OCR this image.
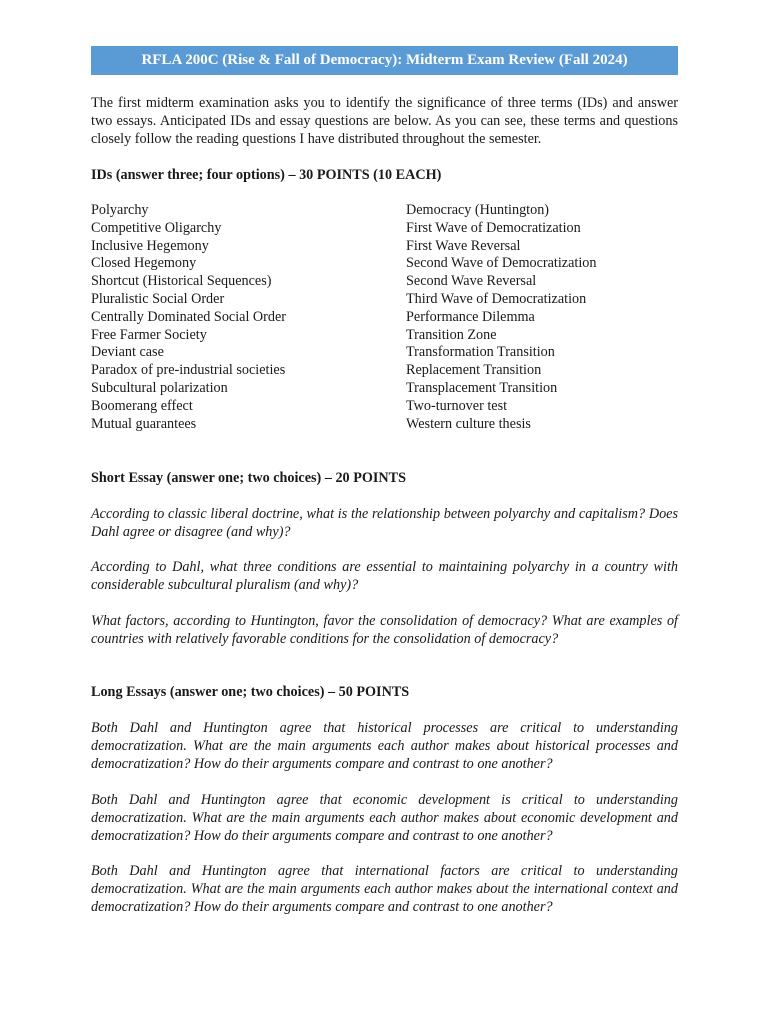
RFLA 200C (Rise & Fall of Democracy): Midterm Exam Review (Fall 2024)

The first midterm examination asks you to identify the significance of three terms (IDs) and answer two essays. Anticipated IDs and essay questions are below. As you can see, these terms and questions closely follow the reading questions I have distributed throughout the semester.

IDs (answer three; four options) – 30 POINTS (10 EACH)
Polyarchy
Competitive Oligarchy
Inclusive Hegemony
Closed Hegemony
Shortcut (Historical Sequences)
Pluralistic Social Order
Centrally Dominated Social Order
Free Farmer Society
Deviant case
Paradox of pre-industrial societies
Subcultural polarization
Boomerang effect
Mutual guarantees
Democracy (Huntington)
First Wave of Democratization
First Wave Reversal
Second Wave of Democratization
Second Wave Reversal
Third Wave of Democratization
Performance Dilemma
Transition Zone
Transformation Transition
Replacement Transition
Transplacement Transition
Two-turnover test
Western culture thesis
Short Essay (answer one; two choices) – 20 POINTS

According to classic liberal doctrine, what is the relationship between polyarchy and capitalism? Does Dahl agree or disagree (and why)?

According to Dahl, what three conditions are essential to maintaining polyarchy in a country with considerable subcultural pluralism (and why)?

What factors, according to Huntington, favor the consolidation of democracy? What are examples of countries with relatively favorable conditions for the consolidation of democracy?

Long Essays (answer one; two choices) – 50 POINTS

Both Dahl and Huntington agree that historical processes are critical to understanding democratization. What are the main arguments each author makes about historical processes and democratization? How do their arguments compare and contrast to one another?

Both Dahl and Huntington agree that economic development is critical to understanding democratization. What are the main arguments each author makes about economic development and democratization? How do their arguments compare and contrast to one another?

Both Dahl and Huntington agree that international factors are critical to understanding democratization. What are the main arguments each author makes about the international context and democratization? How do their arguments compare and contrast to one another?
